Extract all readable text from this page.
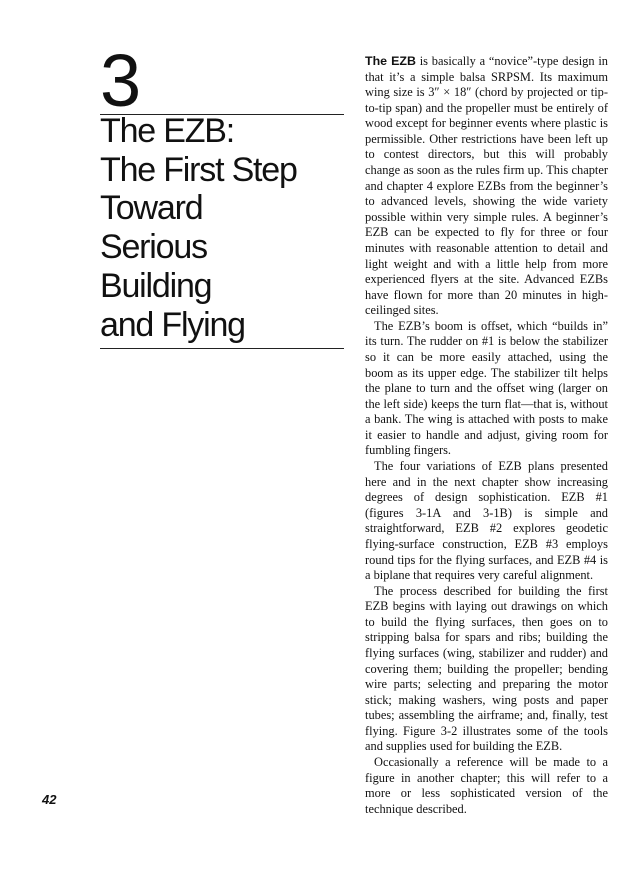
3
The EZB:
The First Step
Toward
Serious
Building
and Flying

The EZB is basically a “novice”-type design in that it’s a simple balsa SRPSM. Its maximum wing size is 3″ × 18″ (chord by projected or tip-to-tip span) and the propeller must be entirely of wood except for beginner events where plastic is permissible. Other restrictions have been left up to contest directors, but this will probably change as soon as the rules firm up. This chapter and chapter 4 explore EZBs from the beginner’s to advanced levels, showing the wide variety possible within very simple rules. A beginner’s EZB can be expected to fly for three or four minutes with reasonable attention to detail and light weight and with a little help from more experienced flyers at the site. Advanced EZBs have flown for more than 20 minutes in high-ceilinged sites.

The EZB’s boom is offset, which “builds in” its turn. The rudder on #1 is below the stabilizer so it can be more easily attached, using the boom as its upper edge. The stabilizer tilt helps the plane to turn and the offset wing (larger on the left side) keeps the turn flat—that is, without a bank. The wing is attached with posts to make it easier to handle and adjust, giving room for fumbling fingers.

The four variations of EZB plans presented here and in the next chapter show increasing degrees of design sophistication. EZB #1 (figures 3-1A and 3-1B) is simple and straightforward, EZB #2 explores geodetic flying-surface construction, EZB #3 employs round tips for the flying surfaces, and EZB #4 is a biplane that requires very careful alignment.

The process described for building the first EZB begins with laying out drawings on which to build the flying surfaces, then goes on to stripping balsa for spars and ribs; building the flying surfaces (wing, stabilizer and rudder) and covering them; building the propeller; bending wire parts; selecting and preparing the motor stick; making washers, wing posts and paper tubes; assembling the airframe; and, finally, test flying. Figure 3-2 illustrates some of the tools and supplies used for building the EZB.

Occasionally a reference will be made to a figure in another chapter; this will refer to a more or less sophisticated version of the technique described.

42
